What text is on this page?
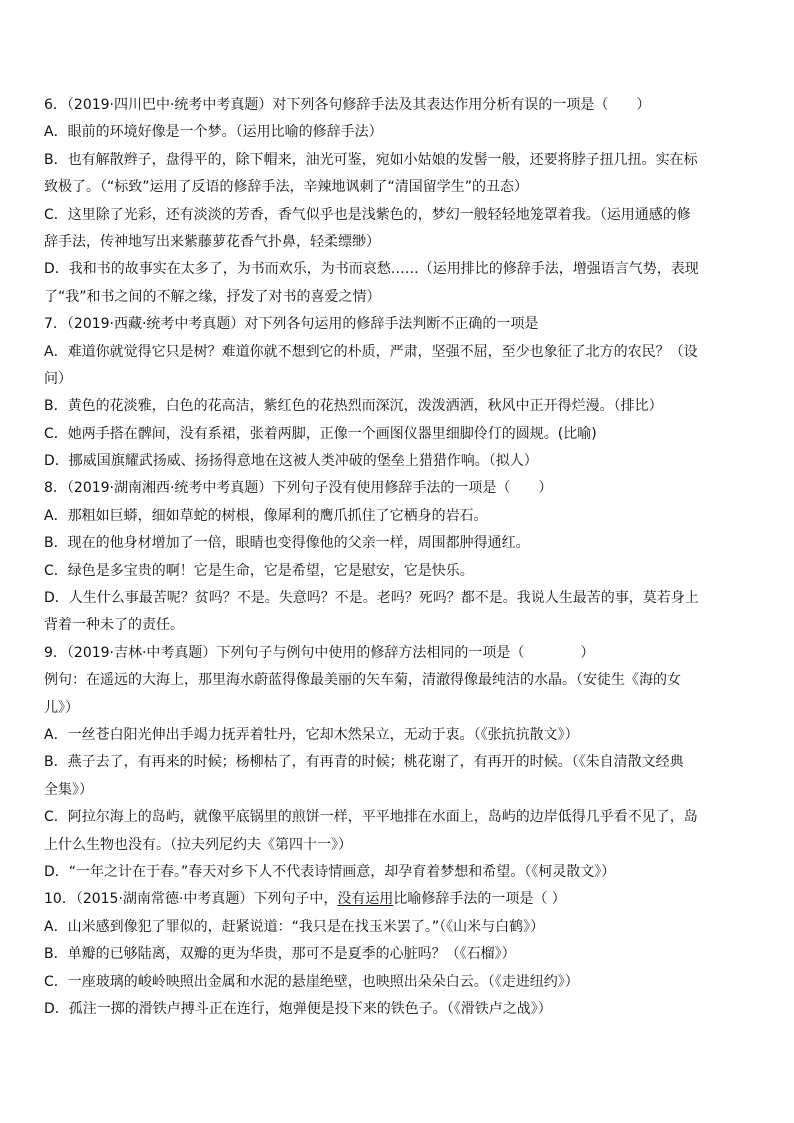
6．（2019·四川巴中·统考中考真题）对下列各句修辞手法及其表达作用分析有误的一项是（　　）
A．眼前的环境好像是一个梦。（运用比喻的修辞手法）
B．也有解散辫子，盘得平的，除下帽来，油光可鉴，宛如小姑娘的发髻一般，还要将脖子扭几扭。实在标
致极了。（“标致”运用了反语的修辞手法，辛辣地讽刺了“清国留学生”的丑态）
C．这里除了光彩，还有淡淡的芳香，香气似乎也是浅紫色的，梦幻一般轻轻地笼罩着我。（运用通感的修
辞手法，传神地写出来紫藤萝花香气扑鼻，轻柔缥缈）
D．我和书的故事实在太多了，为书而欢乐，为书而哀愁……（运用排比的修辞手法，增强语言气势，表现
了“我”和书之间的不解之缘，抒发了对书的喜爱之情）
7．（2019·西藏·统考中考真题）对下列各句运用的修辞手法判断不正确的一项是
A．难道你就觉得它只是树？难道你就不想到它的朴质，严肃，坚强不屈，至少也象征了北方的农民？（设
问）
B．黄色的花淡雅，白色的花高洁，紫红色的花热烈而深沉，泼泼洒洒，秋风中正开得烂漫。（排比）
C．她两手搭在髀间，没有系裙，张着两脚，正像一个画图仪器里细脚伶仃的圆规。(比喻)
D．挪威国旗耀武扬威、扬扬得意地在这被人类冲破的堡垒上猎猎作响。（拟人）
8．（2019·湖南湘西·统考中考真题）下列句子没有使用修辞手法的一项是（　　）
A．那粗如巨蟒，细如草蛇的树根，像犀利的鹰爪抓住了它栖身的岩石。
B．现在的他身材增加了一倍，眼睛也变得像他的父亲一样，周围都肿得通红。
C．绿色是多宝贵的啊！它是生命，它是希望，它是慰安，它是快乐。
D．人生什么事最苦呢？贫吗？不是。失意吗？不是。老吗？死吗？都不是。我说人生最苦的事，莫若身上
背着一种未了的责任。
9．（2019·吉林·中考真题）下列句子与例句中使用的修辞方法相同的一项是（　　　　）
例句：在遥远的大海上，那里海水蔚蓝得像最美丽的矢车菊，清澈得像最纯洁的水晶。（安徒生《海的女
儿》）
A．一丝苍白阳光伸出手竭力抚弄着牡丹，它却木然呆立，无动于衷。（《张抗抗散文》）
B．燕子去了，有再来的时候；杨柳枯了，有再青的时候；桃花谢了，有再开的时候。（《朱自清散文经典
全集》）
C．阿拉尔海上的岛屿，就像平底锅里的煎饼一样，平平地排在水面上，岛屿的边岸低得几乎看不见了，岛
上什么生物也没有。（拉夫列尼约夫《第四十一》）
D．“一年之计在于春。”春天对乡下人不代表诗情画意，却孕育着梦想和希望。（《柯灵散文》）
10．（2015·湖南常德·中考真题）下列句子中，没有运用比喻修辞手法的一项是（ ）
A．山米感到像犯了罪似的，赶紧说道：“我只是在找玉米罢了。”（《山米与白鹤》）
B．单瓣的已够陆离，双瓣的更为华贵，那可不是夏季的心脏吗？（《石榴》）
C．一座玻璃的峻岭映照出金属和水泥的悬崖绝壁，也映照出朵朵白云。（《走进纽约》）
D．孤注一掷的滑铁卢搏斗正在连行，炮弹便是投下来的铁色子。（《滑铁卢之战》）
